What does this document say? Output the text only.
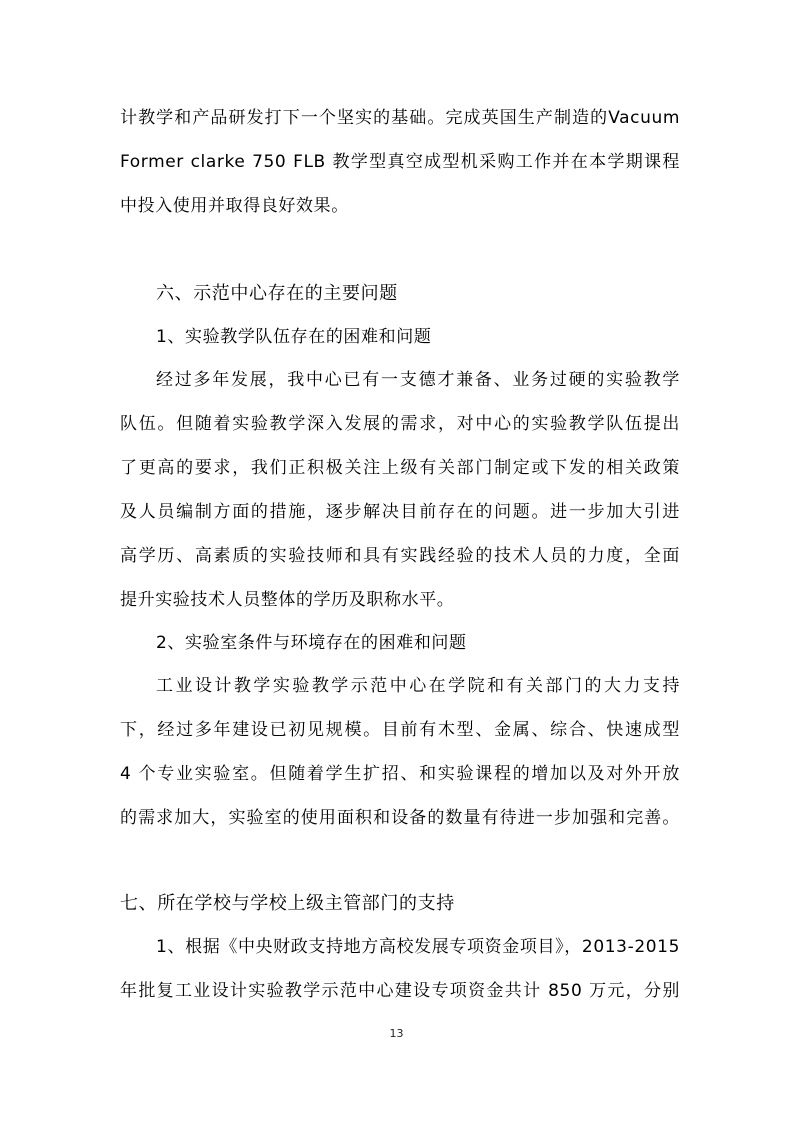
计教学和产品研发打下一个坚实的基础。完成英国生产制造的Vacuum
Former clarke 750 FLB 教学型真空成型机采购工作并在本学期课程
中投入使用并取得良好效果。
六、示范中心存在的主要问题
1、实验教学队伍存在的困难和问题
经过多年发展，我中心已有一支德才兼备、业务过硬的实验教学
队伍。但随着实验教学深入发展的需求，对中心的实验教学队伍提出
了更高的要求，我们正积极关注上级有关部门制定或下发的相关政策
及人员编制方面的措施，逐步解决目前存在的问题。进一步加大引进
高学历、高素质的实验技师和具有实践经验的技术人员的力度，全面
提升实验技术人员整体的学历及职称水平。
2、实验室条件与环境存在的困难和问题
工业设计教学实验教学示范中心在学院和有关部门的大力支持
下，经过多年建设已初见规模。目前有木型、金属、综合、快速成型
4 个专业实验室。但随着学生扩招、和实验课程的增加以及对外开放
的需求加大，实验室的使用面积和设备的数量有待进一步加强和完善。
七、所在学校与学校上级主管部门的支持
1、根据《中央财政支持地方高校发展专项资金项目》，2013-2015
年批复工业设计实验教学示范中心建设专项资金共计 850 万元，分别
13
